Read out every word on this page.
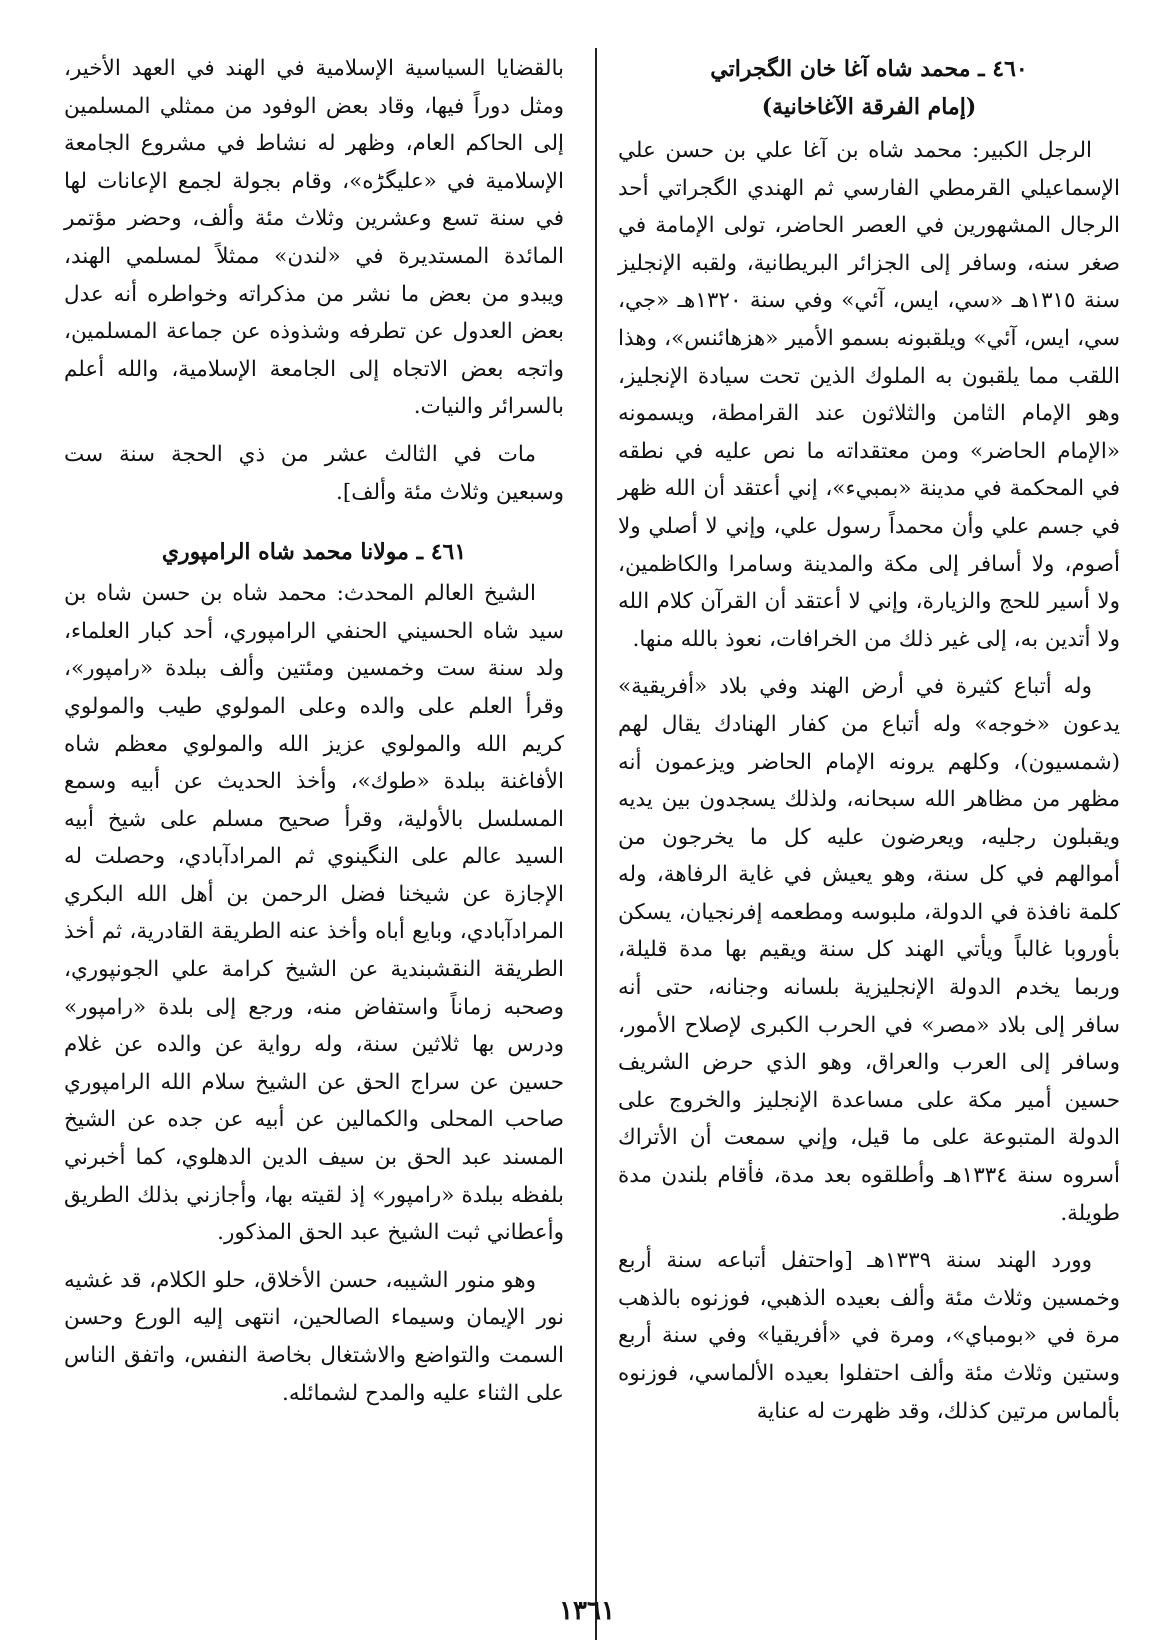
٤٦٠ ـ محمد شاه آغا خان الگجراتي
(إمام الفرقة الآغاخانية)

الرجل الكبير: محمد شاه بن آغا علي بن حسن علي الإسماعيلي القرمطي الفارسي ثم الهندي الگجراتي أحد الرجال المشهورين في العصر الحاضر، تولى الإمامة في صغر سنه، وسافر إلى الجزائر البريطانية، ولقبه الإنجليز سنة ١٣١٥هـ «سي، ايس، آئي» وفي سنة ١٣٢٠هـ «جي، سي، ايس، آئي» ويلقبونه بسمو الأمير «هزهائنس»، وهذا اللقب مما يلقبون به الملوك الذين تحت سيادة الإنجليز، وهو الإمام الثامن والثلاثون عند القرامطة، ويسمونه «الإمام الحاضر» ومن معتقداته ما نص عليه في نطقه في المحكمة في مدينة «بمبيء»، إني أعتقد أن الله ظهر في جسم علي وأن محمداً رسول علي، وإني لا أصلي ولا أصوم، ولا أسافر إلى مكة والمدينة وسامرا والكاظمين، ولا أسير للحج والزيارة، وإني لا أعتقد أن القرآن كلام الله ولا أتدين به، إلى غير ذلك من الخرافات، نعوذ بالله منها.

وله أتباع كثيرة في أرض الهند وفي بلاد «أفريقية» يدعون «خوجه» وله أتباع من كفار الهنادك يقال لهم (شمسيون)، وكلهم يرونه الإمام الحاضر ويزعمون أنه مظهر من مظاهر الله سبحانه، ولذلك يسجدون بين يديه ويقبلون رجليه، ويعرضون عليه كل ما يخرجون من أموالهم في كل سنة، وهو يعيش في غاية الرفاهة، وله كلمة نافذة في الدولة، ملبوسه ومطعمه إفرنجيان، يسكن بأوروبا غالباً ويأتي الهند كل سنة ويقيم بها مدة قليلة، وربما يخدم الدولة الإنجليزية بلسانه وجنانه، حتى أنه سافر إلى بلاد «مصر» في الحرب الكبرى لإصلاح الأمور، وسافر إلى العرب والعراق، وهو الذي حرض الشريف حسين أمير مكة على مساعدة الإنجليز والخروج على الدولة المتبوعة على ما قيل، وإني سمعت أن الأتراك أسروه سنة ١٣٣٤هـ وأطلقوه بعد مدة، فأقام بلندن مدة طويلة.

وورد الهند سنة ١٣٣٩هـ [واحتفل أتباعه سنة أربع وخمسين وثلاث مئة وألف بعيده الذهبي، فوزنوه بالذهب مرة في «بومباي»، ومرة في «أفريقيا» وفي سنة أربع وستين وثلاث مئة وألف احتفلوا بعيده الألماسي، فوزنوه بألماس مرتين كذلك، وقد ظهرت له عناية

بالقضايا السياسية الإسلامية في الهند في العهد الأخير، ومثل دوراً فيها، وقاد بعض الوفود من ممثلي المسلمين إلى الحاكم العام، وظهر له نشاط في مشروع الجامعة الإسلامية في «عليگڑه»، وقام بجولة لجمع الإعانات لها في سنة تسع وعشرين وثلاث مئة وألف، وحضر مؤتمر المائدة المستديرة في «لندن» ممثلاً لمسلمي الهند، ويبدو من بعض ما نشر من مذكراته وخواطره أنه عدل بعض العدول عن تطرفه وشذوذه عن جماعة المسلمين، واتجه بعض الاتجاه إلى الجامعة الإسلامية، والله أعلم بالسرائر والنيات.

مات في الثالث عشر من ذي الحجة سنة ست وسبعين وثلاث مئة وألف].

٤٦١ ـ مولانا محمد شاه الرامپوري

الشيخ العالم المحدث: محمد شاه بن حسن شاه بن سيد شاه الحسيني الحنفي الرامپوري، أحد كبار العلماء، ولد سنة ست وخمسين ومئتين وألف ببلدة «رامپور»، وقرأ العلم على والده وعلى المولوي طيب والمولوي كريم الله والمولوي عزيز الله والمولوي معظم شاه الأفاغنة ببلدة «طوك»، وأخذ الحديث عن أبيه وسمع المسلسل بالأولية، وقرأ صحيح مسلم على شيخ أبيه السيد عالم على النگينوي ثم المرادآبادي، وحصلت له الإجازة عن شيخنا فضل الرحمن بن أهل الله البكري المرادآبادي، وبايع أباه وأخذ عنه الطريقة القادرية، ثم أخذ الطريقة النقشبندية عن الشيخ كرامة علي الجونپوري، وصحبه زماناً واستفاض منه، ورجع إلى بلدة «رامپور» ودرس بها ثلاثين سنة، وله رواية عن والده عن غلام حسين عن سراج الحق عن الشيخ سلام الله الرامپوري صاحب المحلى والكمالين عن أبيه عن جده عن الشيخ المسند عبد الحق بن سيف الدين الدهلوي، كما أخبرني بلفظه ببلدة «رامپور» إذ لقيته بها، وأجازني بذلك الطريق وأعطاني ثبت الشيخ عبد الحق المذكور.

وهو منور الشيبه، حسن الأخلاق، حلو الكلام، قد غشيه نور الإيمان وسيماء الصالحين، انتهى إليه الورع وحسن السمت والتواضع والاشتغال بخاصة النفس، واتفق الناس على الثناء عليه والمدح لشمائله.

١٣٦١
